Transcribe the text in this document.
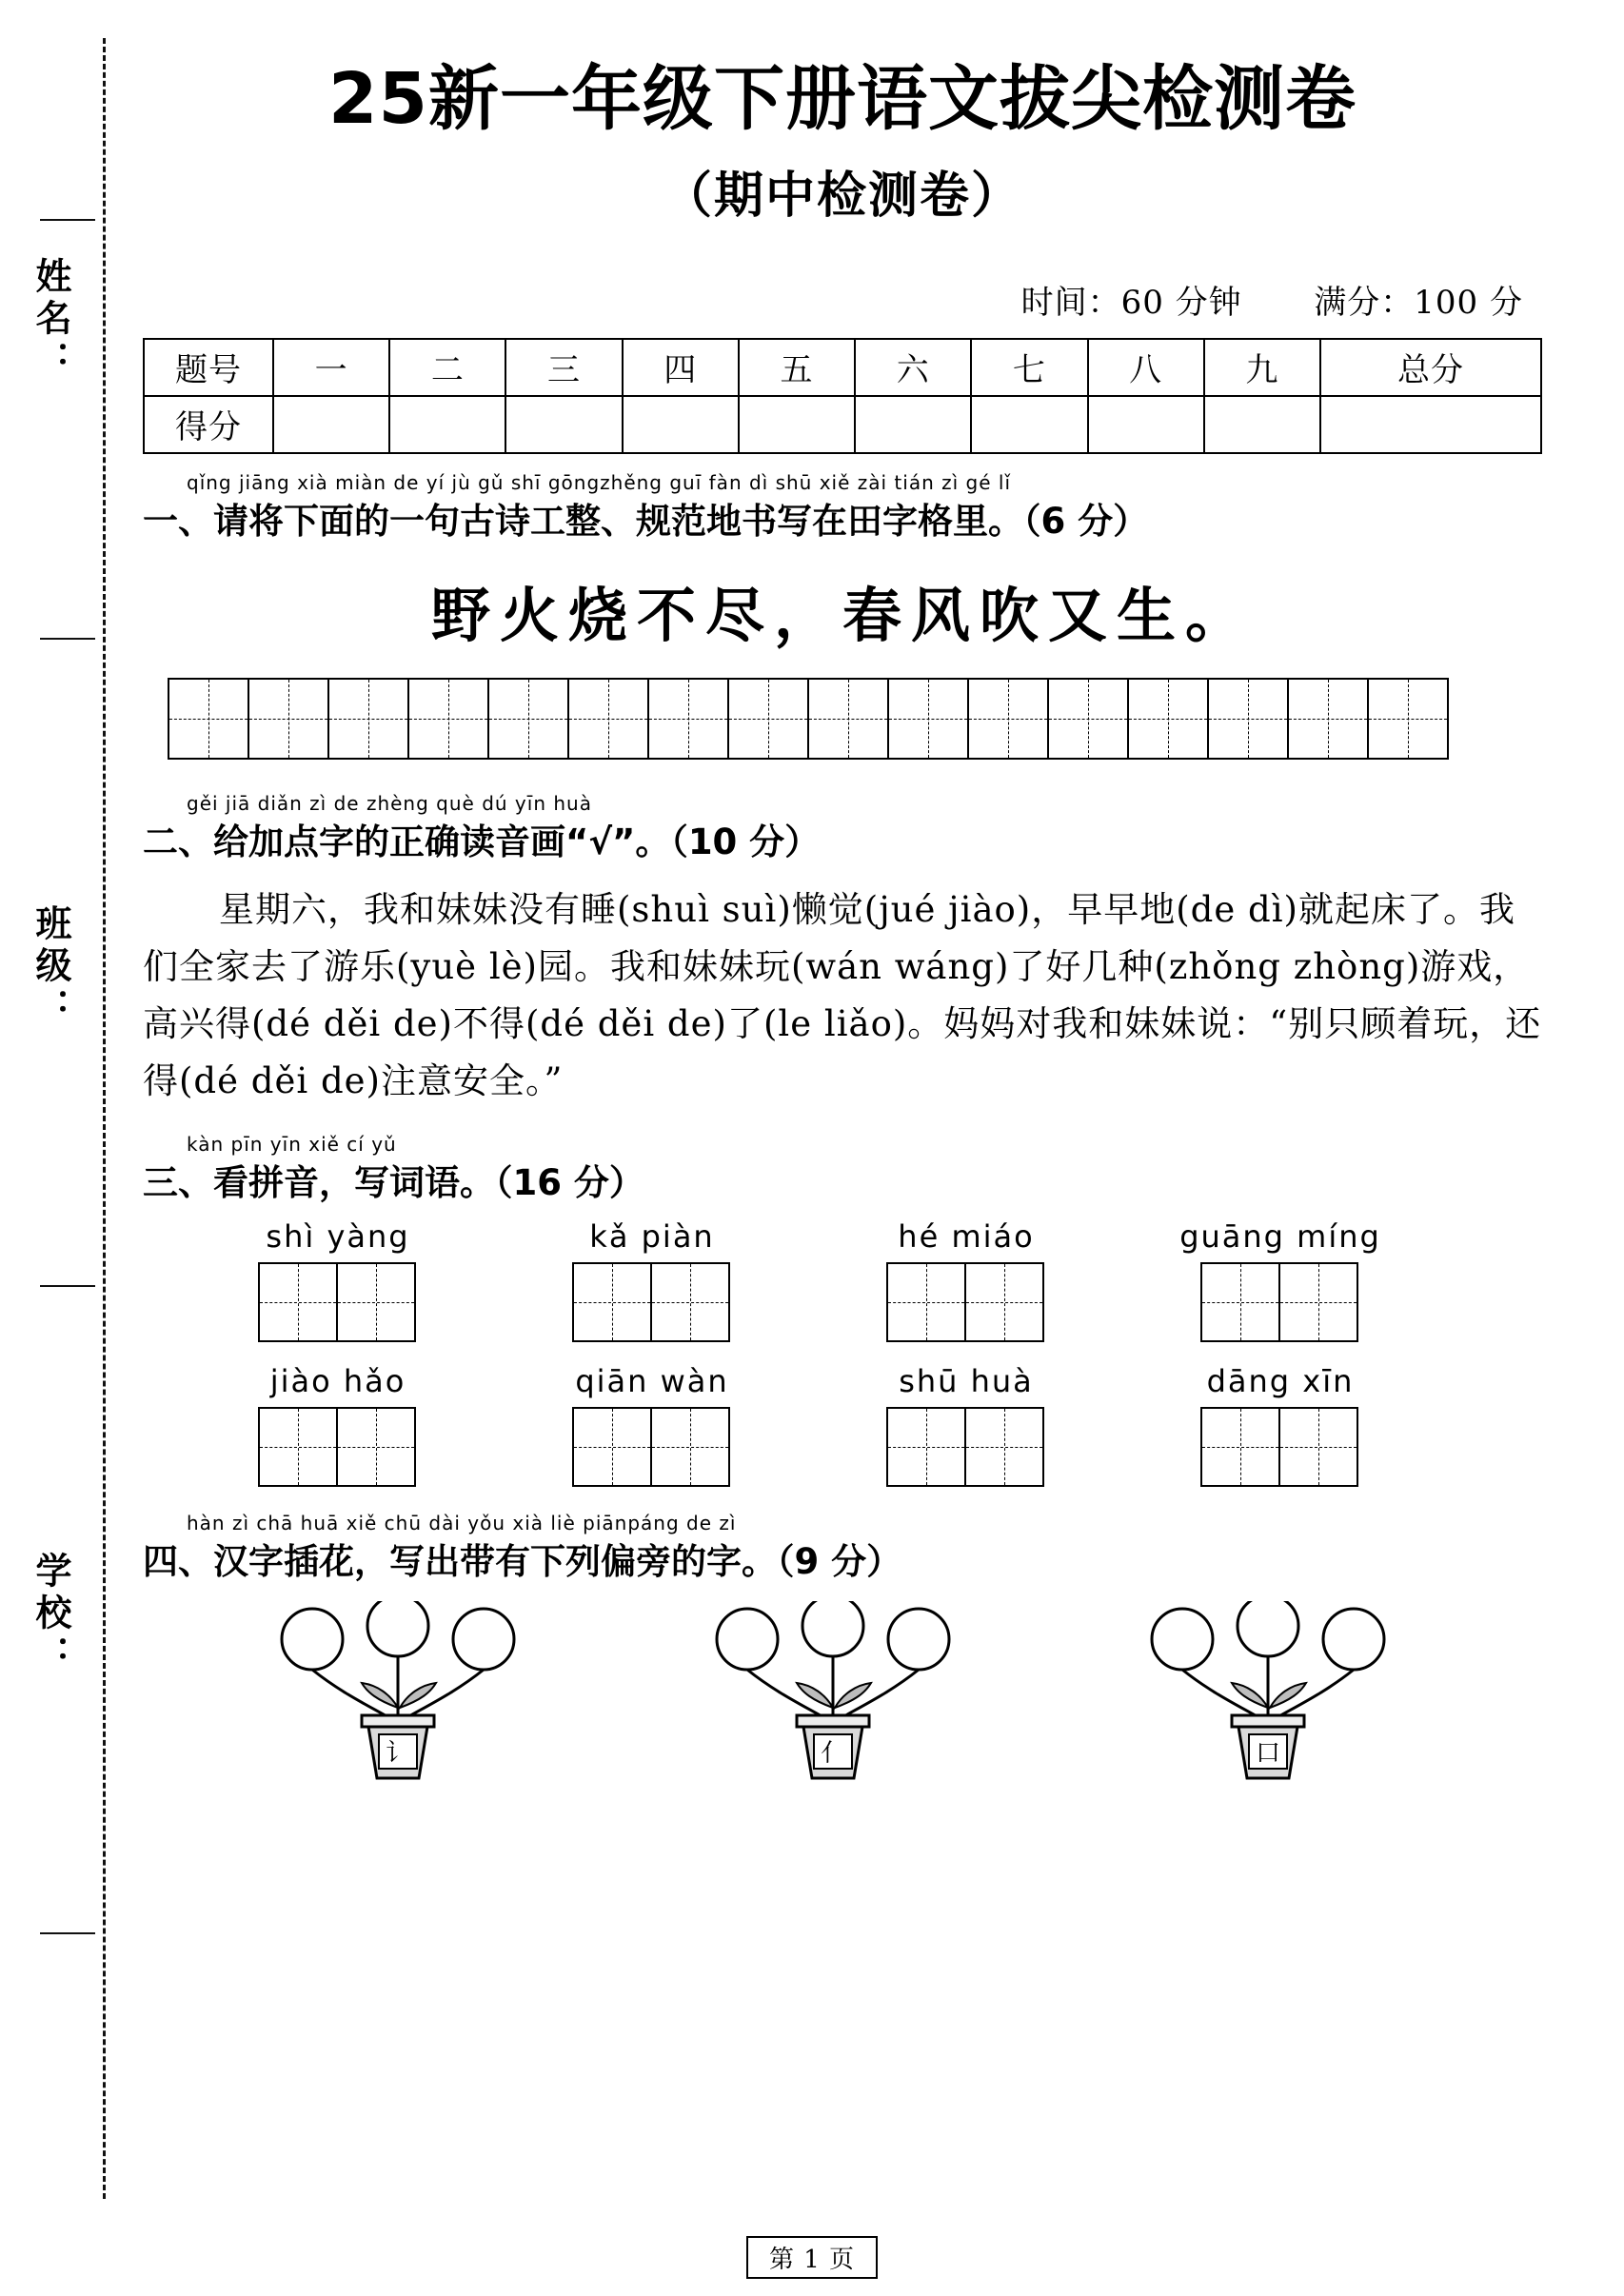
姓名：
班级：
学校：
25新一年级下册语文拔尖检测卷
（期中检测卷）
时间：60 分钟 满分：100 分
题号	一	二	三	四	五	六	七	八	九	总分
得分										
qǐng jiāng xià miàn de yí jù gǔ shī gōngzhěng guī fàn dì shū xiě zài tián zì gé lǐ
一、请将下面的一句古诗工整、规范地书写在田字格里。（6 分）
野火烧不尽，春风吹又生。
gěi jiā diǎn zì de zhèng què dú yīn huà
二、给加点字的正确读音画“√”。（10 分）
星期六，我和妹妹没有睡(shuì suì)懒觉(jué jiào)，早早地(de dì)就起床了。我们全家去了游乐(yuè lè)园。我和妹妹玩(wán wáng)了好几种(zhǒng zhòng)游戏，高兴得(dé děi de)不得(dé děi de)了(le liǎo)。妈妈对我和妹妹说：“别只顾着玩，还得(dé děi de)注意安全。”
kàn pīn yīn xiě cí yǔ
三、看拼音，写词语。（16 分）
shì yàng	kǎ piàn	hé miáo	guāng míng
jiào hǎo	qiān wàn	shū huà	dāng xīn
hàn zì chā huā xiě chū dài yǒu xià liè piānpáng de zì
四、汉字插花，写出带有下列偏旁的字。（9 分）
讠	亻	口
第 1 页
